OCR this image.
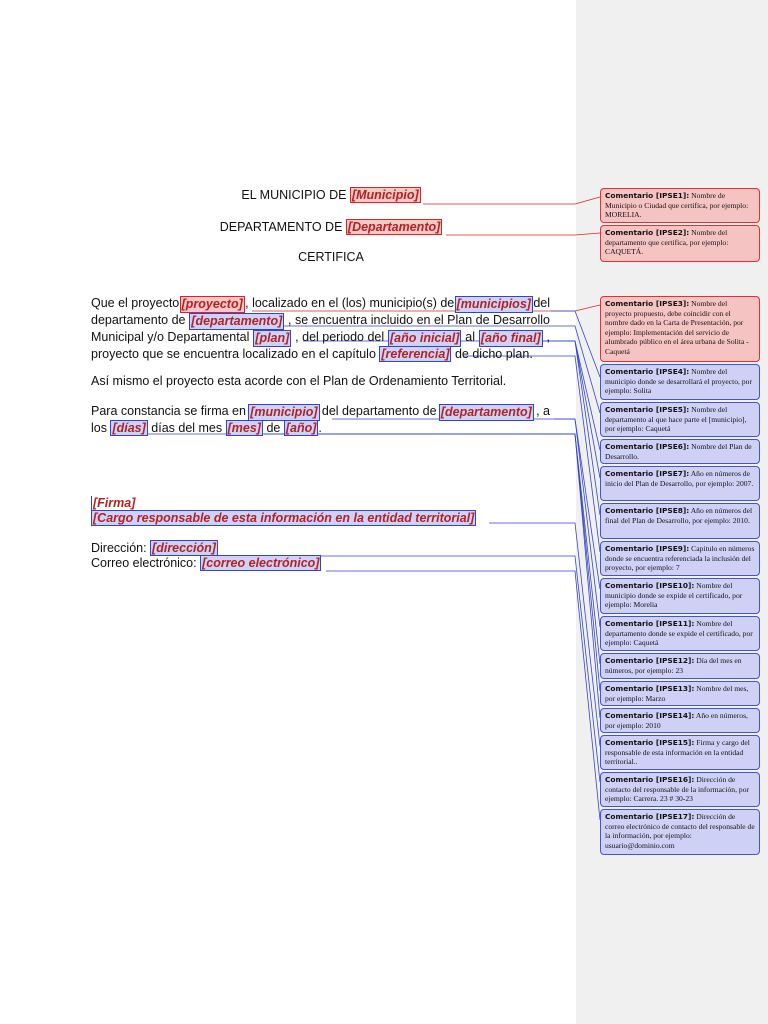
EL MUNICIPIO DE [Municipio]
DEPARTAMENTO DE [Departamento]
CERTIFICA
Que el proyecto [proyecto] , localizado en el (los) municipio(s) de [municipios] del
departamento de [departamento] , se encuentra incluido en el Plan de Desarrollo
Municipal y/o Departamental [plan] , del periodo del [año inicial] al [año final] ,
proyecto que se encuentra localizado en el capítulo [referencia] de dicho plan.
Así mismo el proyecto esta acorde con el Plan de Ordenamiento Territorial.
Para constancia se firma en [municipio] del departamento de [departamento] , a
los [días] días del mes [mes] de [año] .
[Firma]
[Cargo responsable de esta información en la entidad territorial]
Dirección: [dirección]
Correo electrónico: [correo electrónico]
Comentario [IPSE1]: Nombre de Municipio o Ciudad que certifica, por ejemplo: MORELIA.
Comentario [IPSE2]: Nombre del departamento que certifica, por ejemplo: CAQUETÁ.
Comentario [IPSE3]: Nombre del proyecto propuesto, debe coincidir con el nombre dado en la Carta de Presentación, por ejemplo: Implementación del servicio de alumbrado público en el área urbana de Solita - Caquetá
Comentario [IPSE4]: Nombre del municipio donde se desarrollará el proyecto, por ejemplo: Solita
Comentario [IPSE5]: Nombre del departamento al que hace parte el [municipio], por ejemplo: Caquetá
Comentario [IPSE6]: Nombre del Plan de Desarrollo.
Comentario [IPSE7]: Año en números de inicio del Plan de Desarrollo, por ejemplo: 2007.
Comentario [IPSE8]: Año en números del final del Plan de Desarrollo, por ejemplo: 2010.
Comentario [IPSE9]: Capitulo en números donde se encuentra referenciada la inclusión del proyecto, por ejemplo: 7
Comentario [IPSE10]: Nombre del municipio donde se expide el certificado, por ejemplo: Morelia
Comentario [IPSE11]: Nombre del departamento donde se expide el certificado, por ejemplo: Caquetá
Comentario [IPSE12]: Día del mes en números, por ejemplo: 23
Comentario [IPSE13]: Nombre del mes, por ejemplo: Marzo
Comentario [IPSE14]: Año en números, por ejemplo: 2010
Comentario [IPSE15]: Firma y cargo del responsable de esta información en la entidad territorial..
Comentario [IPSE16]: Dirección de contacto del responsable de la información, por ejemplo: Carrera. 23 # 30-23
Comentario [IPSE17]: Dirección de correo electrónico de contacto del responsable de la información, por ejemplo: usuario@dominio.com
